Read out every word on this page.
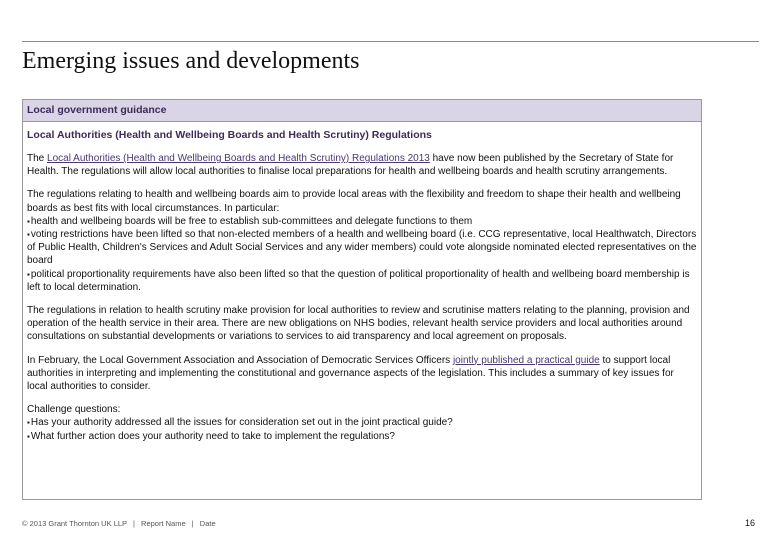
Emerging issues and developments
Local government guidance
Local Authorities (Health and Wellbeing Boards and Health Scrutiny) Regulations

The Local Authorities (Health and Wellbeing Boards and Health Scrutiny) Regulations 2013 have now been published by the Secretary of State for Health. The regulations will allow local authorities to finalise local preparations for health and wellbeing boards and health scrutiny arrangements.

The regulations relating to health and wellbeing boards aim to provide local areas with the flexibility and freedom to shape their health and wellbeing boards as best fits with local circumstances. In particular:
▪ health and wellbeing boards will be free to establish sub-committees and delegate functions to them
▪ voting restrictions have been lifted so that non-elected members of a health and wellbeing board (i.e. CCG representative, local Healthwatch, Directors of Public Health, Children's Services and Adult Social Services and any wider members) could vote alongside nominated elected representatives on the board
▪ political proportionality requirements have also been lifted so that the question of political proportionality of health and wellbeing board membership is left to local determination.

The regulations in relation to health scrutiny make provision for local authorities to review and scrutinise matters relating to the planning, provision and operation of the health service in their area. There are new obligations on NHS bodies, relevant health service providers and local authorities around consultations on substantial developments or variations to services to aid transparency and local agreement on proposals.

In February, the Local Government Association and Association of Democratic Services Officers jointly published a practical guide to support local authorities in interpreting and implementing the constitutional and governance aspects of the legislation. This includes a summary of key issues for local authorities to consider.

Challenge questions:
▪ Has your authority addressed all the issues for consideration set out in the joint practical guide?
▪ What further action does your authority need to take to implement the regulations?

© 2013 Grant Thornton UK LLP | Report Name | Date	16
